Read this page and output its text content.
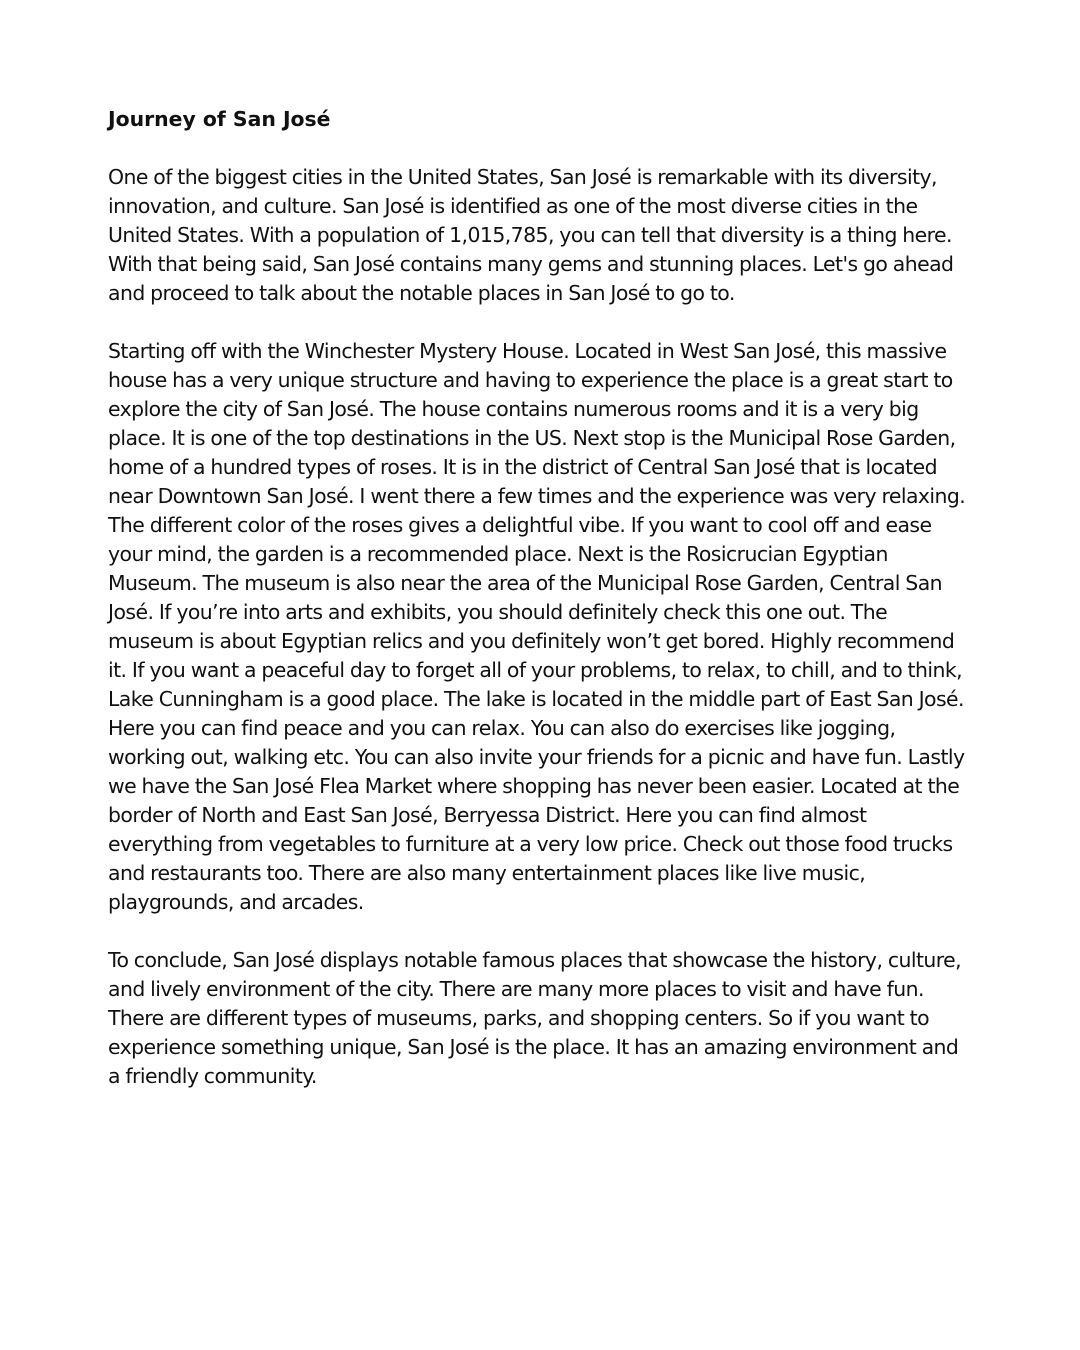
Journey of San José

One of the biggest cities in the United States, San José is remarkable with its diversity, innovation, and culture. San José is identified as one of the most diverse cities in the United States. With a population of 1,015,785, you can tell that diversity is a thing here. With that being said, San José contains many gems and stunning places. Let's go ahead and proceed to talk about the notable places in San José to go to.

Starting off with the Winchester Mystery House. Located in West San José, this massive house has a very unique structure and having to experience the place is a great start to explore the city of San José. The house contains numerous rooms and it is a very big place. It is one of the top destinations in the US. Next stop is the Municipal Rose Garden, home of a hundred types of roses. It is in the district of Central San José that is located near Downtown San José. I went there a few times and the experience was very relaxing. The different color of the roses gives a delightful vibe. If you want to cool off and ease your mind, the garden is a recommended place. Next is the Rosicrucian Egyptian Museum. The museum is also near the area of the Municipal Rose Garden, Central San José. If you’re into arts and exhibits, you should definitely check this one out. The museum is about Egyptian relics and you definitely won’t get bored. Highly recommend it. If you want a peaceful day to forget all of your problems, to relax, to chill, and to think, Lake Cunningham is a good place. The lake is located in the middle part of East San José. Here you can find peace and you can relax. You can also do exercises like jogging, working out, walking etc. You can also invite your friends for a picnic and have fun. Lastly we have the San José Flea Market where shopping has never been easier. Located at the border of North and East San José, Berryessa District. Here you can find almost everything from vegetables to furniture at a very low price. Check out those food trucks and restaurants too. There are also many entertainment places like live music, playgrounds, and arcades.

To conclude, San José displays notable famous places that showcase the history, culture, and lively environment of the city. There are many more places to visit and have fun. There are different types of museums, parks, and shopping centers. So if you want to experience something unique, San José is the place. It has an amazing environment and a friendly community.
